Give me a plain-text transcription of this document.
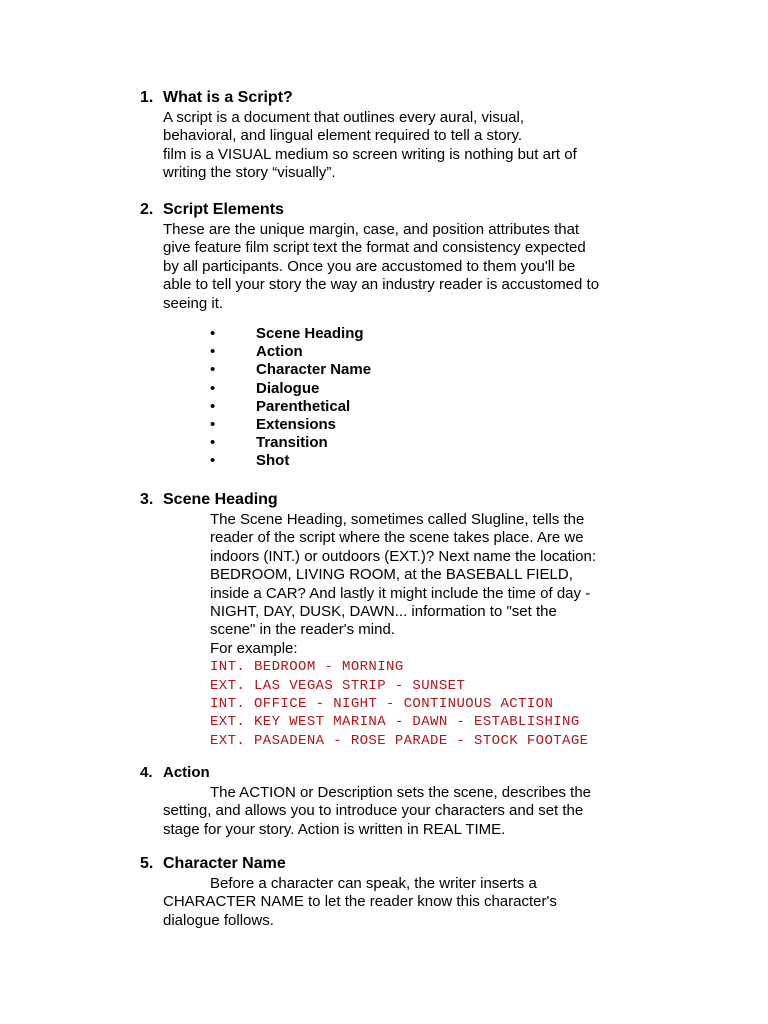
1. What is a Script?
A script is a document that outlines every aural, visual,
behavioral, and lingual element required to tell a story.
film is a VISUAL medium so screen writing is nothing but art of
writing the story “visually”.
2. Script Elements
These are the unique margin, case, and position attributes that
give feature film script text the format and consistency expected
by all participants. Once you are accustomed to them you'll be
able to tell your story the way an industry reader is accustomed to
seeing it.
•	Scene Heading
•	Action
•	Character Name
•	Dialogue
•	Parenthetical
•	Extensions
•	Transition
•	Shot
3. Scene Heading
The Scene Heading, sometimes called Slugline, tells the
reader of the script where the scene takes place. Are we
indoors (INT.) or outdoors (EXT.)? Next name the location:
BEDROOM, LIVING ROOM, at the BASEBALL FIELD,
inside a CAR? And lastly it might include the time of day -
NIGHT, DAY, DUSK, DAWN... information to "set the
scene" in the reader's mind.
For example:
INT. BEDROOM - MORNING
EXT. LAS VEGAS STRIP - SUNSET
INT. OFFICE - NIGHT - CONTINUOUS ACTION
EXT. KEY WEST MARINA - DAWN - ESTABLISHING
EXT. PASADENA - ROSE PARADE - STOCK FOOTAGE
4. Action
The ACTION or Description sets the scene, describes the
setting, and allows you to introduce your characters and set the
stage for your story. Action is written in REAL TIME.
5. Character Name
Before a character can speak, the writer inserts a
CHARACTER NAME to let the reader know this character's
dialogue follows.
